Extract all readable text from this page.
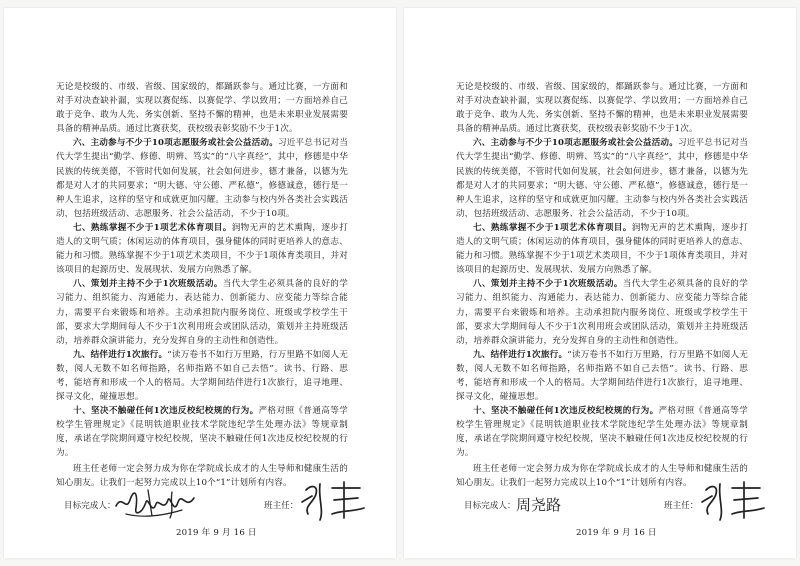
无论是校级的、市级、省级、国家级的，都踊跃参与。通过比赛，一方面和对手对决查缺补漏，实现以赛促练、以赛促学、学以致用；一方面培养自己敢于竞争、敢为人先、务实创新、坚持不懈的精神，也是未来职业发展需要具备的精神品质。通过比赛获奖，获校级表彰奖励不少于1次。

六、主动参与不少于10项志愿服务或社会公益活动。习近平总书记对当代大学生提出“勤学、修德、明辨、笃实”的“八字真经”，其中，修德是中华民族的传统美德，不管时代如何发展，社会如何进步，德才兼备，以德为先都是对人才的共同要求；“明大德、守公德、严私德”，修德诚意，德行是一种人生追求，这样的坚守和成就更加闪耀。主动参与校内外各类社会实践活动，包括班级活动、志愿服务、社会公益活动，不少于10项。

七、熟练掌握不少于1项艺术体育项目。润物无声的艺术熏陶，逐步打造人的文明气质；休闲运动的体育项目，强身健体的同时更培养人的意志、能力和习惯。熟练掌握不少于1项艺术类项目，不少于1项体育类项目，并对该项目的起源历史、发展现状、发展方向熟悉了解。

八、策划并主持不少于1次班级活动。当代大学生必须具备的良好的学习能力、组织能力、沟通能力、表达能力、创新能力、应变能力等综合能力，需要平台来锻炼和培养。主动承担院内服务岗位、班级或学校学生干部，要求大学期间每人不少于1次利用班会或团队活动，策划并主持班级活动，培养群众演讲能力，充分发挥自身的主动性和创造性。

九、结伴进行1次旅行。“读万卷书不如行万里路，行万里路不如阅人无数，阅人无数不如名师指路，名师指路不如自己去悟”。读书、行路、思考，能培育和形成一个人的格局。大学期间结伴进行1次旅行，追寻地理、探寻文化，碰撞思想。

十、坚决不触碰任何1次违反校纪校规的行为。严格对照《普通高等学校学生管理规定》《昆明铁道职业技术学院违纪学生处理办法》等规章制度，承诺在学院期间遵守校纪校规，坚决不触碰任何1次违反校纪校规的行为。

班主任老师一定会努力成为你在学院成长成才的人生导师和健康生活的知心朋友。让我们一起努力完成以上10个“1”计划所有内容。

目标完成人：	班主任：
2019 年 9 月 16 日

无论是校级的、市级、省级、国家级的，都踊跃参与。通过比赛，一方面和对手对决查缺补漏，实现以赛促练、以赛促学、学以致用；一方面培养自己敢于竞争、敢为人先、务实创新、坚持不懈的精神，也是未来职业发展需要具备的精神品质。通过比赛获奖，获校级表彰奖励不少于1次。

六、主动参与不少于10项志愿服务或社会公益活动。习近平总书记对当代大学生提出“勤学、修德、明辨、笃实”的“八字真经”，其中，修德是中华民族的传统美德，不管时代如何发展，社会如何进步，德才兼备，以德为先都是对人才的共同要求；“明大德、守公德、严私德”，修德诚意，德行是一种人生追求，这样的坚守和成就更加闪耀。主动参与校内外各类社会实践活动，包括班级活动、志愿服务、社会公益活动，不少于10项。

七、熟练掌握不少于1项艺术体育项目。润物无声的艺术熏陶，逐步打造人的文明气质；休闲运动的体育项目，强身健体的同时更培养人的意志、能力和习惯。熟练掌握不少于1项艺术类项目，不少于1项体育类项目，并对该项目的起源历史、发展现状、发展方向熟悉了解。

八、策划并主持不少于1次班级活动。当代大学生必须具备的良好的学习能力、组织能力、沟通能力、表达能力、创新能力、应变能力等综合能力，需要平台来锻炼和培养。主动承担院内服务岗位、班级或学校学生干部，要求大学期间每人不少于1次利用班会或团队活动，策划并主持班级活动，培养群众演讲能力，充分发挥自身的主动性和创造性。

九、结伴进行1次旅行。“读万卷书不如行万里路，行万里路不如阅人无数，阅人无数不如名师指路，名师指路不如自己去悟”。读书、行路、思考，能培育和形成一个人的格局。大学期间结伴进行1次旅行，追寻地理、探寻文化，碰撞思想。

十、坚决不触碰任何1次违反校纪校规的行为。严格对照《普通高等学校学生管理规定》《昆明铁道职业技术学院违纪学生处理办法》等规章制度，承诺在学院期间遵守校纪校规，坚决不触碰任何1次违反校纪校规的行为。

班主任老师一定会努力成为你在学院成长成才的人生导师和健康生活的知心朋友。让我们一起努力完成以上10个“1”计划所有内容。

目标完成人： 周尧路	班主任：
2019 年 9 月 16 日
